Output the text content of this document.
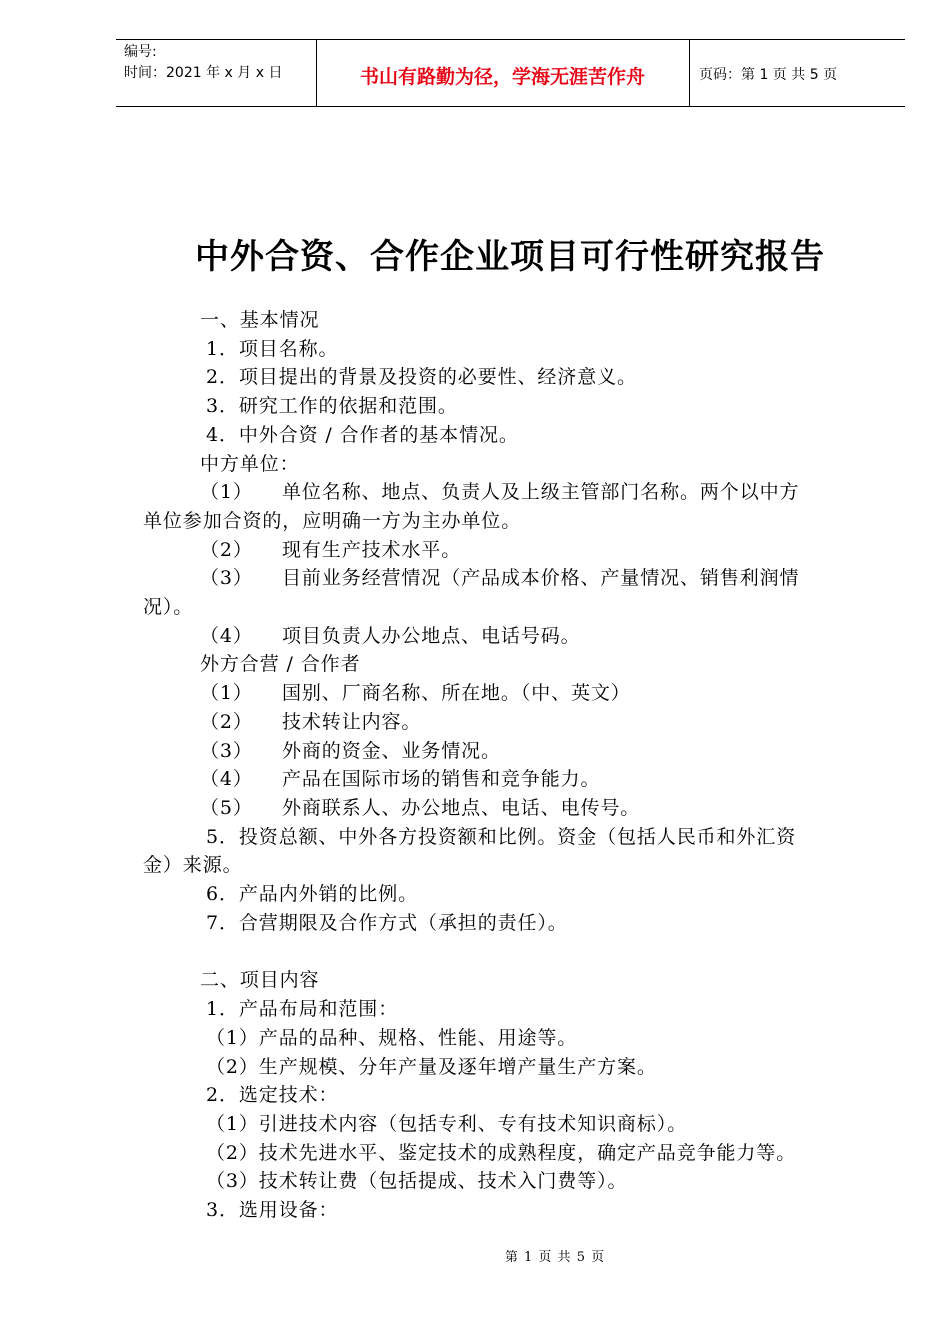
编号:
时间：2021 年 x 月 x 日	书山有路勤为径，学海无涯苦作舟	页码：第 1 页 共 5 页
中外合资、合作企业项目可行性研究报告
一、基本情况
1．项目名称。
2．项目提出的背景及投资的必要性、经济意义。
3．研究工作的依据和范围。
4．中外合资 / 合作者的基本情况。
中方单位：
（1） 单位名称、地点、负责人及上级主管部门名称。两个以中方
单位参加合资的，应明确一方为主办单位。
（2） 现有生产技术水平。
（3） 目前业务经营情况（产品成本价格、产量情况、销售利润情
况）。
（4） 项目负责人办公地点、电话号码。
外方合营 / 合作者
（1） 国别、厂商名称、所在地。（中、英文）
（2） 技术转让内容。
（3） 外商的资金、业务情况。
（4） 产品在国际市场的销售和竞争能力。
（5） 外商联系人、办公地点、电话、电传号。
5．投资总额、中外各方投资额和比例。资金（包括人民币和外汇资
金）来源。
6．产品内外销的比例。
7．合营期限及合作方式（承担的责任）。
二、项目内容
1．产品布局和范围：
（1）产品的品种、规格、性能、用途等。
（2）生产规模、分年产量及逐年增产量生产方案。
2．选定技术：
（1）引进技术内容（包括专利、专有技术知识商标）。
（2）技术先进水平、鉴定技术的成熟程度，确定产品竞争能力等。
（3）技术转让费（包括提成、技术入门费等）。
3．选用设备：
第 1 页 共 5 页
